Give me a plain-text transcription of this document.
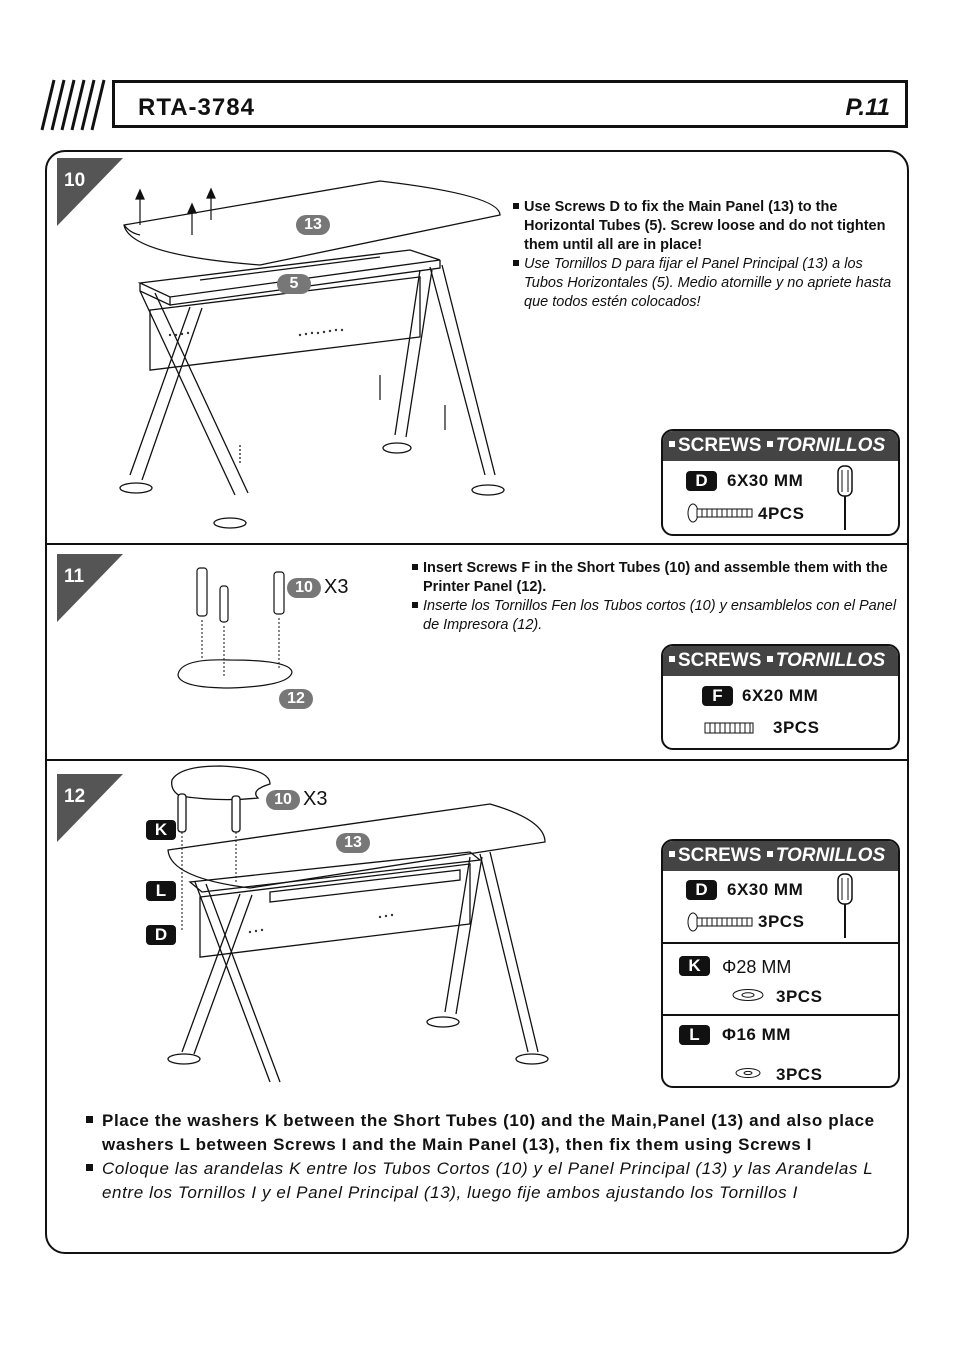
RTA-3784	P.11
10
13
5
Use Screws D to fix the Main Panel (13) to the Horizontal Tubes (5). Screw loose and do not tighten them until all are in place!
Use Tornillos D para fijar el Panel Principal (13) a los Tubos Horizontales (5). Medio atornille y no apriete hasta que todos estén colocados!
SCREWS TORNILLOS
D	6X30 MM
4PCS
11
10 X3
12
Insert Screws F in the Short Tubes (10) and assemble them with the Printer Panel (12).
Inserte los Tornillos Fen los Tubos cortos (10) y ensamblelos con el Panel de Impresora (12).
SCREWS TORNILLOS
F	6X20 MM
3PCS
12	10 X3
13
K
L
D
SCREWS TORNILLOS
D	6X30 MM
3PCS
K	Φ28 MM
3PCS
L	Φ16 MM
3PCS
Place the washers K between the Short Tubes (10) and the Main,Panel (13) and also place washers L between Screws I and the Main Panel (13), then fix them using Screws I
Coloque las arandelas K entre los Tubos Cortos (10) y el Panel Principal (13) y las Arandelas L entre los Tornillos I y el Panel Principal (13), luego fije ambos ajustando los Tornillos I
